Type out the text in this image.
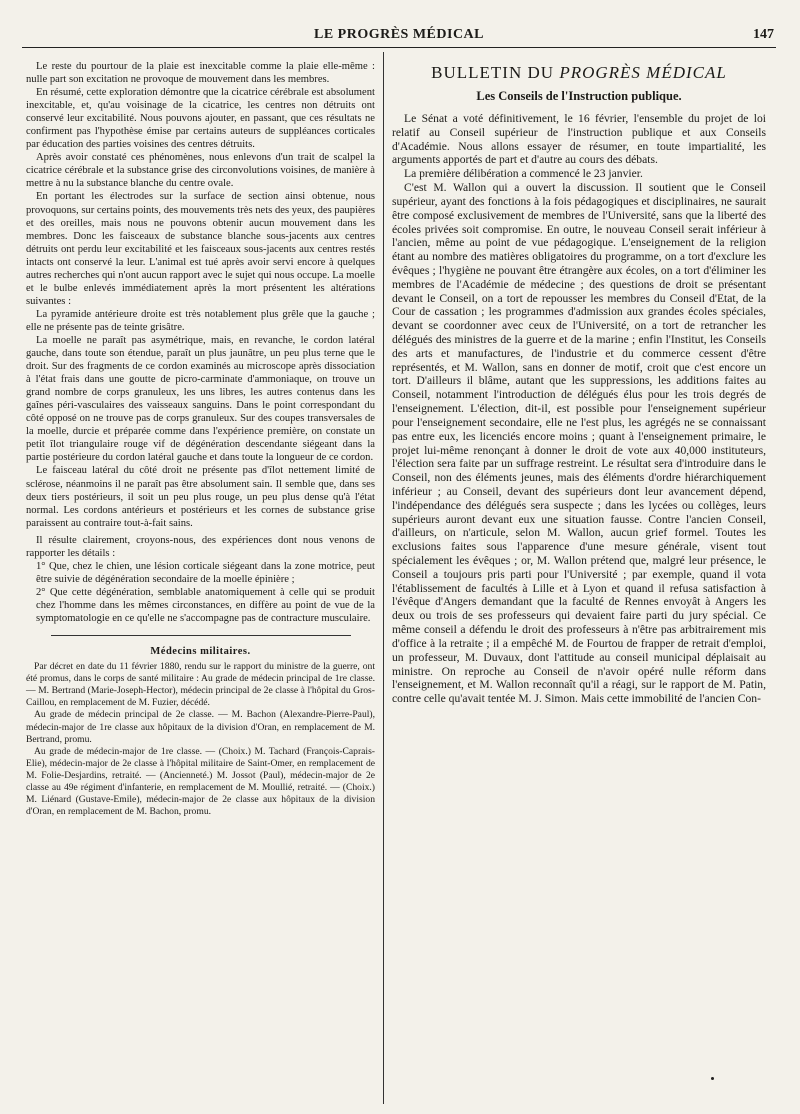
LE PROGRÈS MÉDICAL	147

Le reste du pourtour de la plaie est inexcitable comme la plaie elle-même : nulle part son excitation ne provoque de mouvement dans les membres.

En résumé, cette exploration démontre que la cicatrice cérébrale est absolument inexcitable, et, qu'au voisinage de la cicatrice, les centres non détruits ont conservé leur excitabilité. Nous pouvons ajouter, en passant, que ces résultats ne confirment pas l'hypothèse émise par certains auteurs de suppléances corticales par éducation des parties voisines des centres détruits.

Après avoir constaté ces phénomènes, nous enlevons d'un trait de scalpel la cicatrice cérébrale et la substance grise des circonvolutions voisines, de manière à mettre à nu la substance blanche du centre ovale.

En portant les électrodes sur la surface de section ainsi obtenue, nous provoquons, sur certains points, des mouvements très nets des yeux, des paupières et des oreilles, mais nous ne pouvons obtenir aucun mouvement dans les membres. Donc les faisceaux de substance blanche sous-jacents aux centres détruits ont perdu leur excitabilité et les faisceaux sous-jacents aux centres restés intacts ont conservé la leur. L'animal est tué après avoir servi encore à quelques autres recherches qui n'ont aucun rapport avec le sujet qui nous occupe. La moelle et le bulbe enlevés immédiatement après la mort présentent les altérations suivantes :

La pyramide antérieure droite est très notablement plus grêle que la gauche ; elle ne présente pas de teinte grisâtre.

La moelle ne paraît pas asymétrique, mais, en revanche, le cordon latéral gauche, dans toute son étendue, paraît un plus jaunâtre, un peu plus terne que le droit. Sur des fragments de ce cordon examinés au microscope après dissociation à l'état frais dans une goutte de picro-carminate d'ammoniaque, on trouve un grand nombre de corps granuleux, les uns libres, les autres contenus dans les gaînes péri-vasculaires des vaisseaux sanguins. Dans le point correspondant du côté opposé on ne trouve pas de corps granuleux. Sur des coupes transversales de la moelle, durcie et préparée comme dans l'expérience première, on constate un petit îlot triangulaire rouge vif de dégénération descendante siégeant dans la partie postérieure du cordon latéral gauche et dans toute la longueur de ce cordon.

Le faisceau latéral du côté droit ne présente pas d'îlot nettement limité de sclérose, néanmoins il ne paraît pas être absolument sain. Il semble que, dans ses deux tiers postérieurs, il soit un peu plus rouge, un peu plus dense qu'à l'état normal. Les cordons antérieurs et postérieurs et les cornes de substance grise paraissent au contraire tout-à-fait sains.

Il résulte clairement, croyons-nous, des expériences dont nous venons de rapporter les détails :

1° Que, chez le chien, une lésion corticale siégeant dans la zone motrice, peut être suivie de dégénération secondaire de la moelle épinière ;

2° Que cette dégénération, semblable anatomiquement à celle qui se produit chez l'homme dans les mêmes circonstances, en diffère au point de vue de la symptomatologie en ce qu'elle ne s'accompagne pas de contracture musculaire.

Médecins militaires.

Par décret en date du 11 février 1880, rendu sur le rapport du ministre de la guerre, ont été promus, dans le corps de santé militaire : Au grade de médecin principal de 1re classe. — M. Bertrand (Marie-Joseph-Hector), médecin principal de 2e classe à l'hôpital du Gros-Caillou, en remplacement de M. Fuzier, décédé.

Au grade de médecin principal de 2e classe. — M. Bachon (Alexandre-Pierre-Paul), médecin-major de 1re classe aux hôpitaux de la division d'Oran, en remplacement de M. Bertrand, promu.

Au grade de médecin-major de 1re classe. — (Choix.) M. Tachard (François-Caprais-Elie), médecin-major de 2e classe à l'hôpital militaire de Saint-Omer, en remplacement de M. Folie-Desjardins, retraité. — (Ancienneté.) M. Jossot (Paul), médecin-major de 2e classe au 49e régiment d'infanterie, en remplacement de M. Moullié, retraité. — (Choix.) M. Liénard (Gustave-Emile), médecin-major de 2e classe aux hôpitaux de la division d'Oran, en remplacement de M. Bachon, promu.

BULLETIN DU PROGRÈS MÉDICAL
Les Conseils de l'Instruction publique.

Le Sénat a voté définitivement, le 16 février, l'ensemble du projet de loi relatif au Conseil supérieur de l'instruction publique et aux Conseils d'Académie. Nous allons essayer de résumer, en toute impartialité, les arguments apportés de part et d'autre au cours des débats.

La première délibération a commencé le 23 janvier.

C'est M. Wallon qui a ouvert la discussion. Il soutient que le Conseil supérieur, ayant des fonctions à la fois pédagogiques et disciplinaires, ne saurait être composé exclusivement de membres de l'Université, sans que la liberté des écoles privées soit compromise. En outre, le nouveau Conseil serait inférieur à l'ancien, même au point de vue pédagogique. L'enseignement de la religion étant au nombre des matières obligatoires du programme, on a tort d'exclure les évêques ; l'hygiène ne pouvant être étrangère aux écoles, on a tort d'éliminer les membres de l'Académie de médecine ; des questions de droit se présentant devant le Conseil, on a tort de repousser les membres du Conseil d'Etat, de la Cour de cassation ; les programmes d'admission aux grandes écoles spéciales, devant se coordonner avec ceux de l'Université, on a tort de retrancher les délégués des ministres de la guerre et de la marine ; enfin l'Institut, les Conseils des arts et manufactures, de l'industrie et du commerce cessent d'être représentés, et M. Wallon, sans en donner de motif, croit que c'est encore un tort. D'ailleurs il blâme, autant que les suppressions, les additions faites au Conseil, notamment l'introduction de délégués élus pour les trois degrés de l'enseignement. L'élection, dit-il, est possible pour l'enseignement supérieur pour l'enseignement secondaire, elle ne l'est plus, les agrégés ne se connaissant pas entre eux, les licenciés encore moins ; quant à l'enseignement primaire, le projet lui-même renonçant à donner le droit de vote aux 40,000 instituteurs, l'élection sera faite par un suffrage restreint. Le résultat sera d'introduire dans le Conseil, non des éléments jeunes, mais des éléments d'ordre hiérarchiquement inférieur ; au Conseil, devant des supérieurs dont leur avancement dépend, l'indépendance des délégués sera suspecte ; dans les lycées ou collèges, leurs supérieurs auront devant eux une situation fausse. Contre l'ancien Conseil, d'ailleurs, on n'articule, selon M. Wallon, aucun grief formel. Toutes les exclusions faites sous l'apparence d'une mesure générale, visent tout spécialement les évêques ; or, M. Wallon prétend que, malgré leur présence, le Conseil a toujours pris parti pour l'Université ; par exemple, quand il vota l'établissement de facultés à Lille et à Lyon et quand il refusa satisfaction à l'évêque d'Angers demandant que la faculté de Rennes envoyât à Angers les deux ou trois de ses professeurs qui devaient faire parti du jury spécial. Ce même conseil a défendu le droit des professeurs à n'être pas arbitrairement mis d'office à la retraite ; il a empêché M. de Fourtou de frapper de retrait d'emploi, un professeur, M. Duvaux, dont l'attitude au conseil municipal déplaisait au ministre. On reproche au Conseil de n'avoir opéré nulle réform dans l'enseignement, et M. Wallon reconnaît qu'il a réagi, sur le rapport de M. Patin, contre celle qu'avait tentée M. J. Simon. Mais cette immobilité de l'ancien Con-
